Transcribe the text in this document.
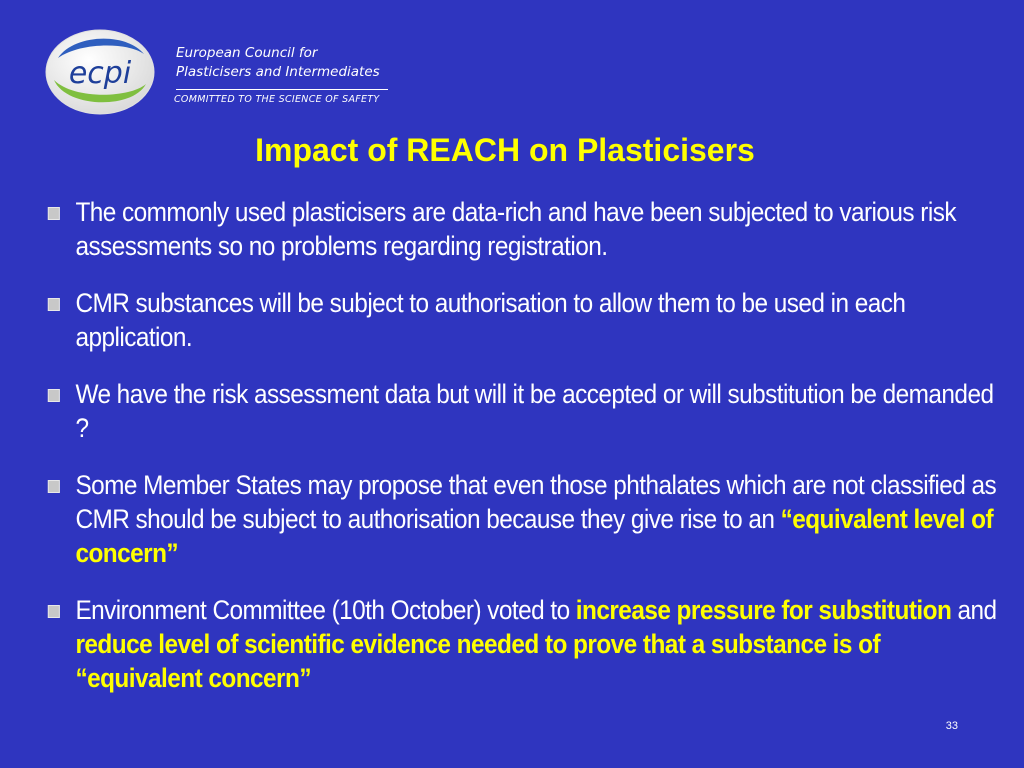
ecpi
European Council for
Plasticisers and Intermediates
COMMITTED TO THE SCIENCE OF SAFETY
Impact of REACH on Plasticisers
The commonly used plasticisers are data-rich and have been subjected to various risk assessments so no problems regarding registration.
CMR substances will be subject to authorisation to allow them to be used in each application.
We have the risk assessment data but will it be accepted or will substitution be demanded ?
Some Member States may propose that even those phthalates which are not classified as CMR should be subject to authorisation because they give rise to an “equivalent level of concern”
Environment Committee (10th October) voted to increase pressure for substitution and reduce level of scientific evidence needed to prove that a substance is of “equivalent concern”
33
